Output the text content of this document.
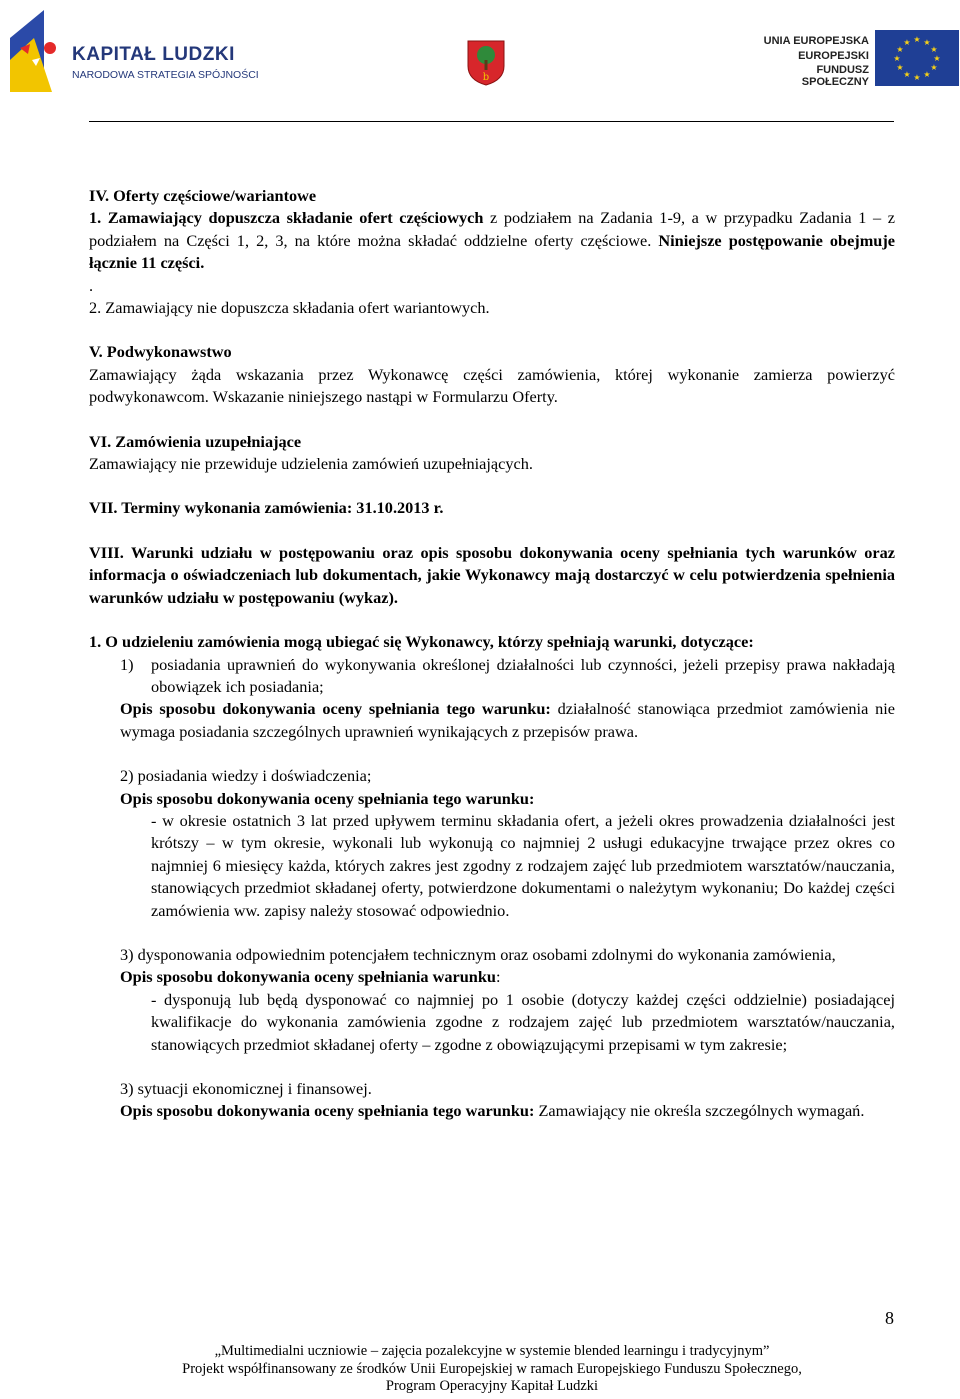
KAPITAŁ LUDZKI
NARODOWA STRATEGIA SPÓJNOŚCI	b
UNIA EUROPEJSKA
EUROPEJSKI
FUNDUSZ SPOŁECZNY
★ ★
★
★
★
★
★
★
★
★
★
★

IV. Oferty częściowe/wariantowe

1. Zamawiający dopuszcza składanie ofert częściowych z podziałem na Zadania 1-9, a w przypadku Zadania 1 – z podziałem na Części 1, 2, 3, na które można składać oddzielne oferty częściowe. Niniejsze postępowanie obejmuje łącznie 11 części.

.

2. Zamawiający nie dopuszcza składania ofert wariantowych.

V. Podwykonawstwo

Zamawiający żąda wskazania przez Wykonawcę części zamówienia, której wykonanie zamierza powierzyć podwykonawcom. Wskazanie niniejszego nastąpi w Formularzu Oferty.

VI. Zamówienia uzupełniające

Zamawiający nie przewiduje udzielenia zamówień uzupełniających.

VII. Terminy wykonania zamówienia: 31.10.2013 r.

VIII. Warunki udziału w postępowaniu oraz opis sposobu dokonywania oceny spełniania tych warunków oraz informacja o oświadczeniach lub dokumentach, jakie Wykonawcy mają dostarczyć w celu potwierdzenia spełnienia warunków udziału w postępowaniu (wykaz).

1. O udzieleniu zamówienia mogą ubiegać się Wykonawcy, którzy spełniają warunki, dotyczące:

1) posiadania uprawnień do wykonywania określonej działalności lub czynności, jeżeli przepisy prawa nakładają obowiązek ich posiadania;

Opis sposobu dokonywania oceny spełniania tego warunku: działalność stanowiąca przedmiot zamówienia nie wymaga posiadania szczególnych uprawnień wynikających z przepisów prawa.

2) posiadania wiedzy i doświadczenia;

Opis sposobu dokonywania oceny spełniania tego warunku:

- w okresie ostatnich 3 lat przed upływem terminu składania ofert, a jeżeli okres prowadzenia działalności jest krótszy – w tym okresie, wykonali lub wykonują co najmniej 2 usługi edukacyjne trwające przez okres co najmniej 6 miesięcy każda, których zakres jest zgodny z rodzajem zajęć lub przedmiotem warsztatów/nauczania, stanowiących przedmiot składanej oferty, potwierdzone dokumentami o należytym wykonaniu; Do każdej części zamówienia ww. zapisy należy stosować odpowiednio.

3) dysponowania odpowiednim potencjałem technicznym oraz osobami zdolnymi do wykonania zamówienia,

Opis sposobu dokonywania oceny spełniania warunku:

- dysponują lub będą dysponować co najmniej po 1 osobie (dotyczy każdej części oddzielnie) posiadającej kwalifikacje do wykonania zamówienia zgodne z rodzajem zajęć lub przedmiotem warsztatów/nauczania, stanowiących przedmiot składanej oferty – zgodne z obowiązującymi przepisami w tym zakresie;

3) sytuacji ekonomicznej i finansowej.

Opis sposobu dokonywania oceny spełniania tego warunku: Zamawiający nie określa szczególnych wymagań.

8
„Multimedialni uczniowie – zajęcia pozalekcyjne w systemie blended learningu i tradycyjnym”
Projekt współfinansowany ze środków Unii Europejskiej w ramach Europejskiego Funduszu Społecznego,
Program Operacyjny Kapitał Ludzki
